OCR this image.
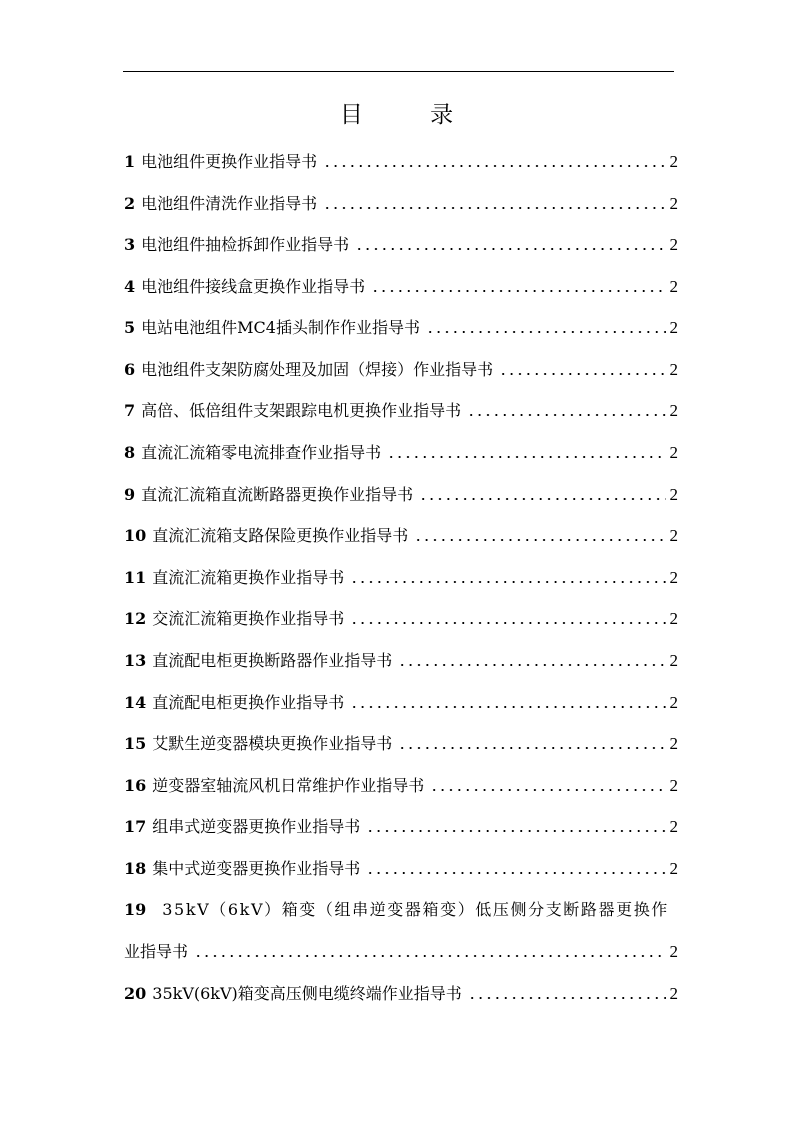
目 录
1 电池组件更换作业指导书	2
2 电池组件清洗作业指导书	2
3 电池组件抽检拆卸作业指导书	2
4 电池组件接线盒更换作业指导书	2
5 电站电池组件MC4插头制作作业指导书	2
6 电池组件支架防腐处理及加固（焊接）作业指导书	2
7 高倍、低倍组件支架跟踪电机更换作业指导书	2
8 直流汇流箱零电流排查作业指导书	2
9 直流汇流箱直流断路器更换作业指导书	2
10 直流汇流箱支路保险更换作业指导书	2
11 直流汇流箱更换作业指导书	2
12 交流汇流箱更换作业指导书	2
13 直流配电柜更换断路器作业指导书	2
14 直流配电柜更换作业指导书	2
15 艾默生逆变器模块更换作业指导书	2
16 逆变器室轴流风机日常维护作业指导书	2
17 组串式逆变器更换作业指导书	2
18 集中式逆变器更换作业指导书	2
19 35kV（6kV）箱变（组串逆变器箱变）低压侧分支断路器更换作
业指导书	2
20 35kV(6kV)箱变高压侧电缆终端作业指导书	2
